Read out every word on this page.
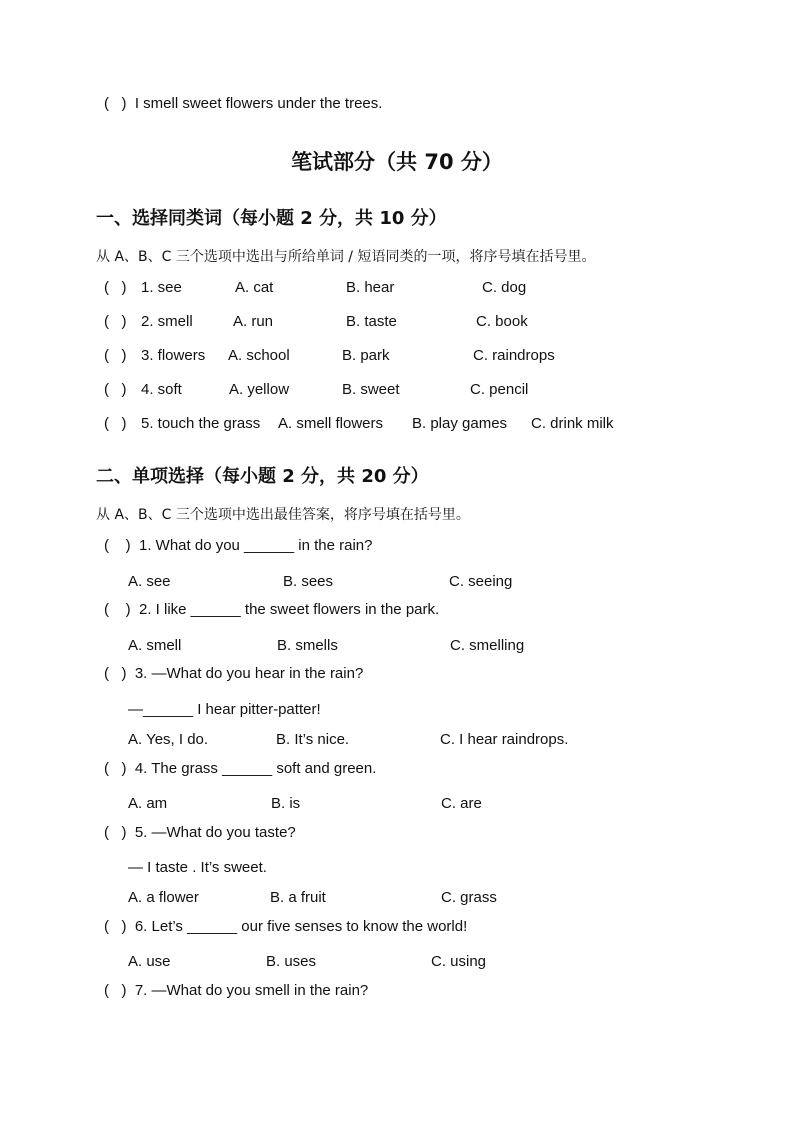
(   )  I smell sweet flowers under the trees.
笔试部分（共 70 分）
一、选择同类词（每小题 2 分，共 10 分）
从 A、B、C 三个选项中选出与所给单词 / 短语同类的一项，将序号填在括号里。
(   ) 1. see	A. cat	B. hear	C. dog
(   ) 2. smell	A. run	B. taste	C. book
(   ) 3. flowers A. school	B. park	C. raindrops
(   ) 4. soft	A. yellow	B. sweet	C. pencil
(   ) 5. touch the grass A. smell flowers B. play games C. drink milk
二、单项选择（每小题 2 分，共 20 分）
从 A、B、C 三个选项中选出最佳答案，将序号填在括号里。
(    )  1. What do you ______ in the rain?
A. see	B. sees	C. seeing
(    )  2. I like ______ the sweet flowers in the park.
A. smell	B. smells	C. smelling
(   )  3. —What do you hear in the rain?
—______ I hear pitter-patter!
A. Yes, I do.	B. It’s nice.	C. I hear raindrops.
(   )  4. The grass ______ soft and green.
A. am	B. is	C. are
(   )  5. —What do you taste?
— I taste . It’s sweet.
A. a flower	B. a fruit	C. grass
(   )  6. Let’s ______ our five senses to know the world!
A. use	B. uses	C. using
(   )  7. —What do you smell in the rain?
